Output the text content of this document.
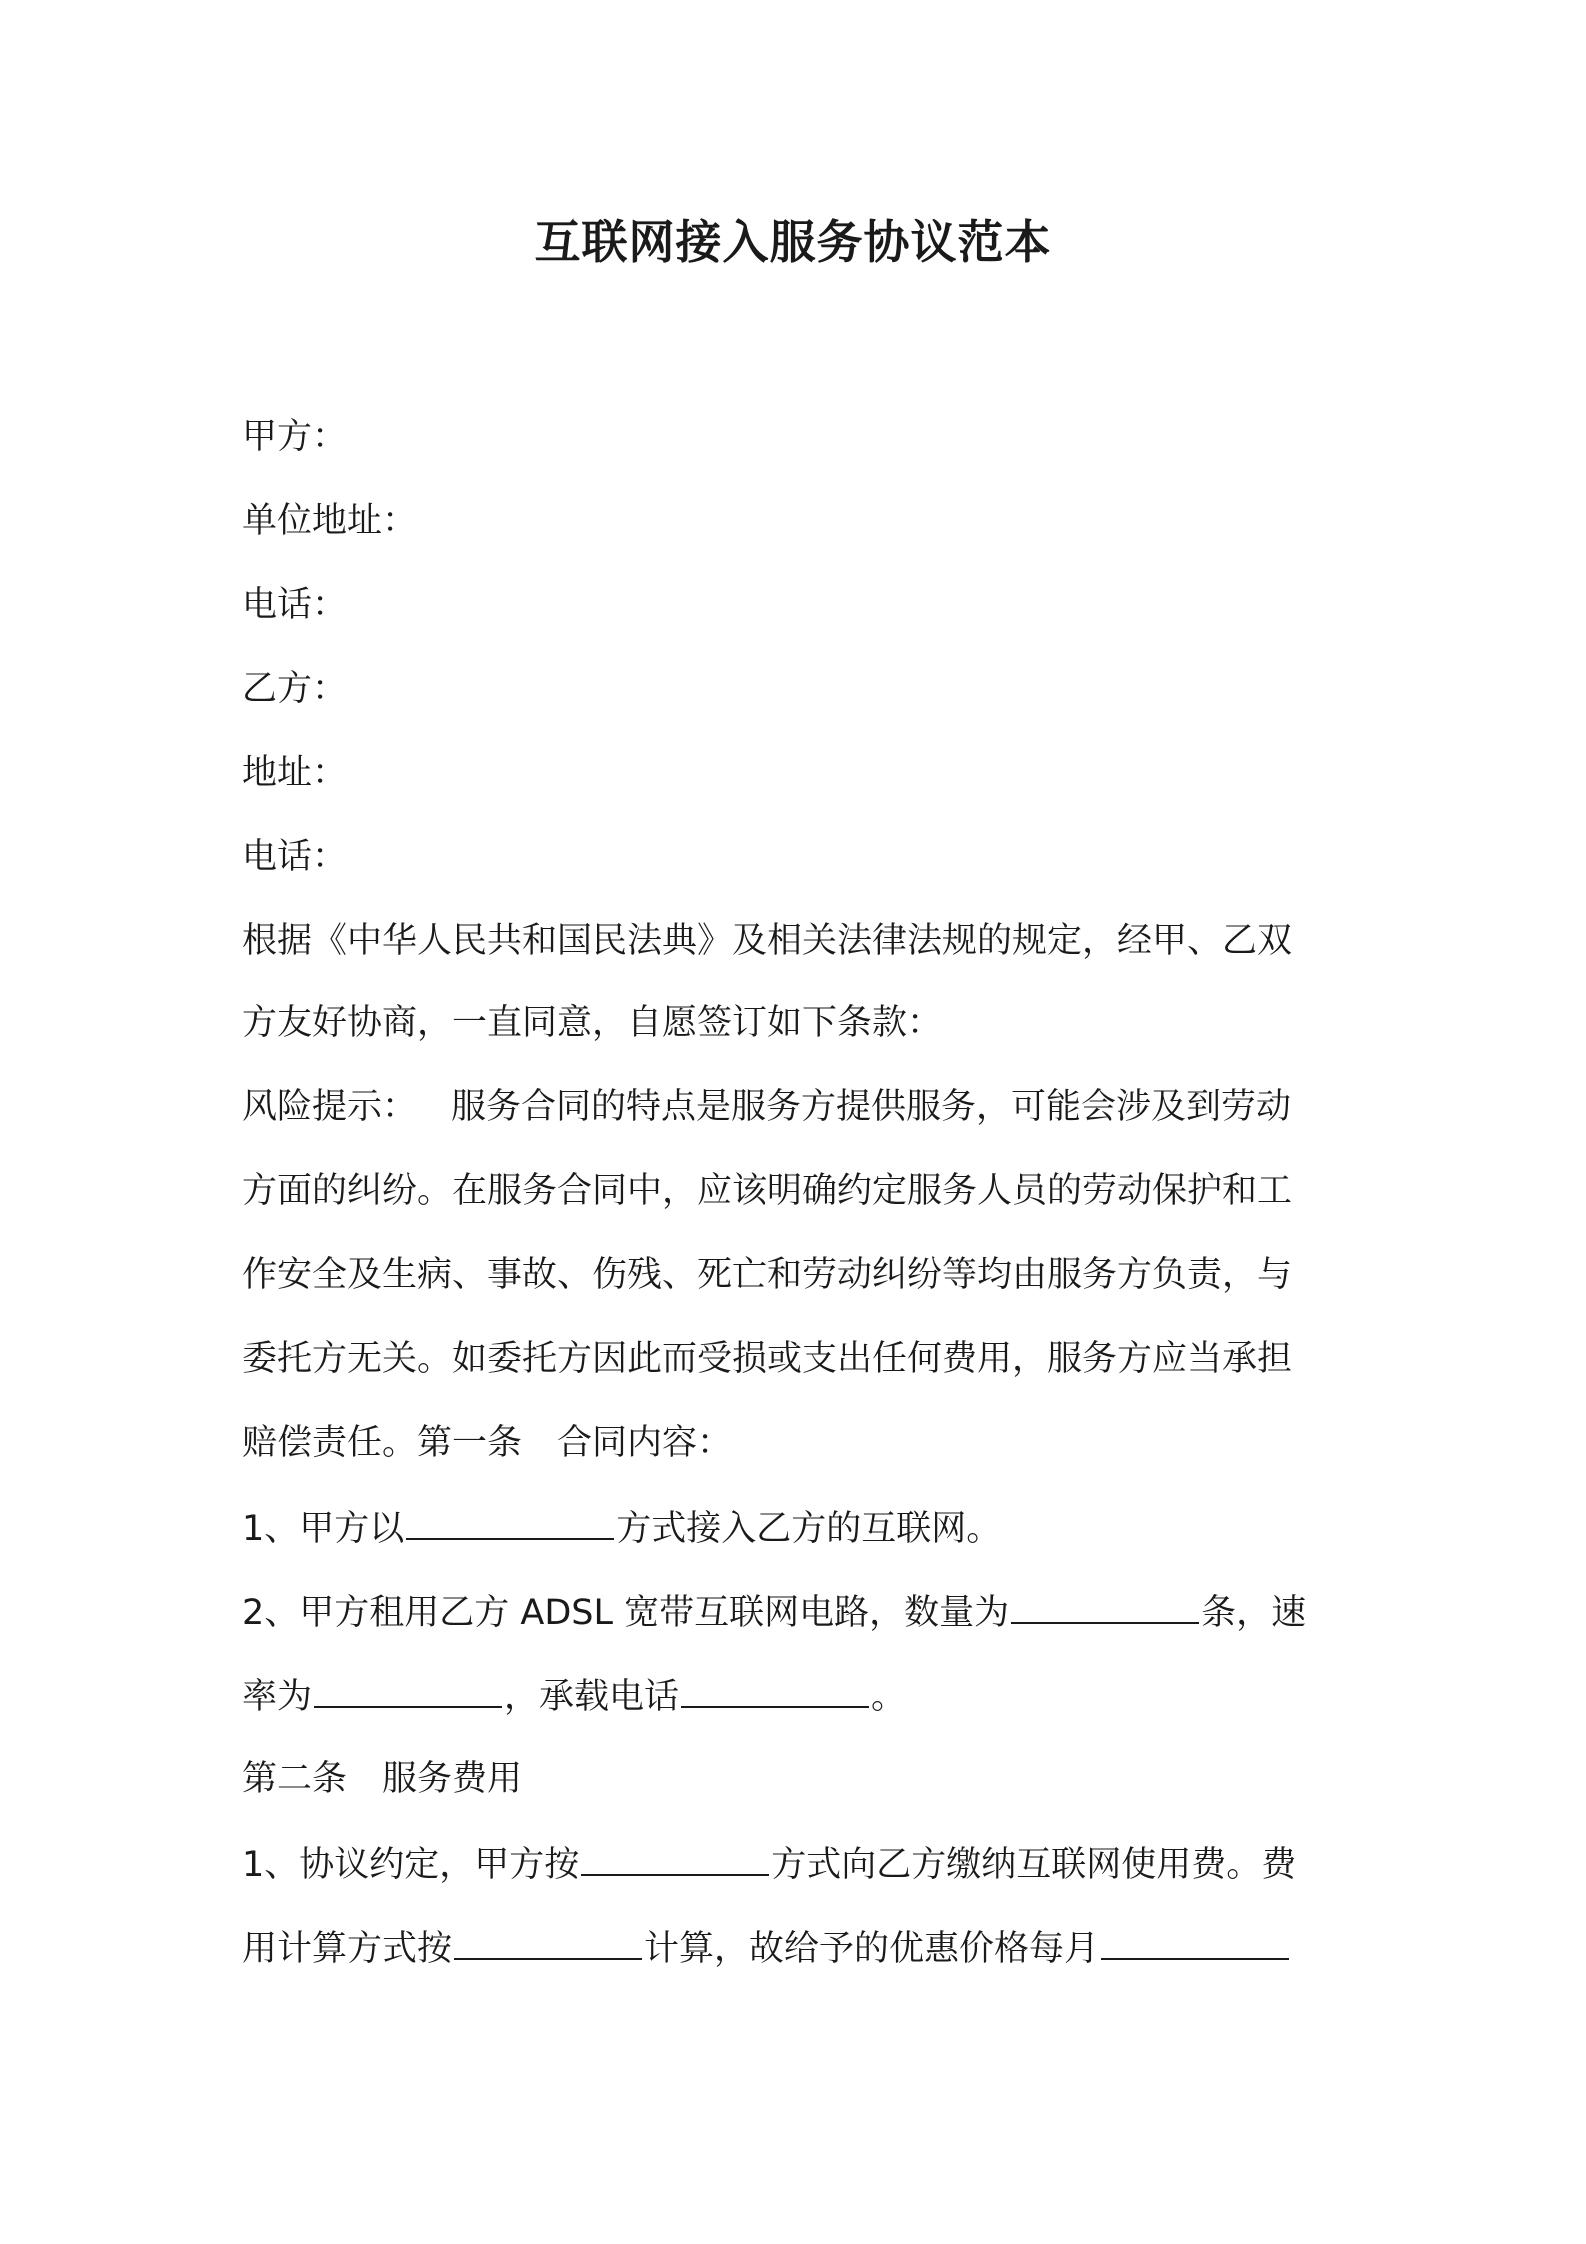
互联网接入服务协议范本
甲方：
单位地址：
电话：
乙方：
地址：
电话：
根据《中华人民共和国民法典》及相关法律法规的规定，经甲、乙双
方友好协商，一直同意，自愿签订如下条款：
风险提示： 服务合同的特点是服务方提供服务，可能会涉及到劳动
方面的纠纷。在服务合同中，应该明确约定服务人员的劳动保护和工
作安全及生病、事故、伤残、死亡和劳动纠纷等均由服务方负责，与
委托方无关。如委托方因此而受损或支出任何费用，服务方应当承担
赔偿责任。第一条　合同内容：
1、甲方以	方式接入乙方的互联网。
2、甲方租用乙方 ADSL 宽带互联网电路，数量为	条，速
率为	，承载电话	。
第二条　服务费用
1、协议约定，甲方按	方式向乙方缴纳互联网使用费。费
用计算方式按	计算，故给予的优惠价格每月
